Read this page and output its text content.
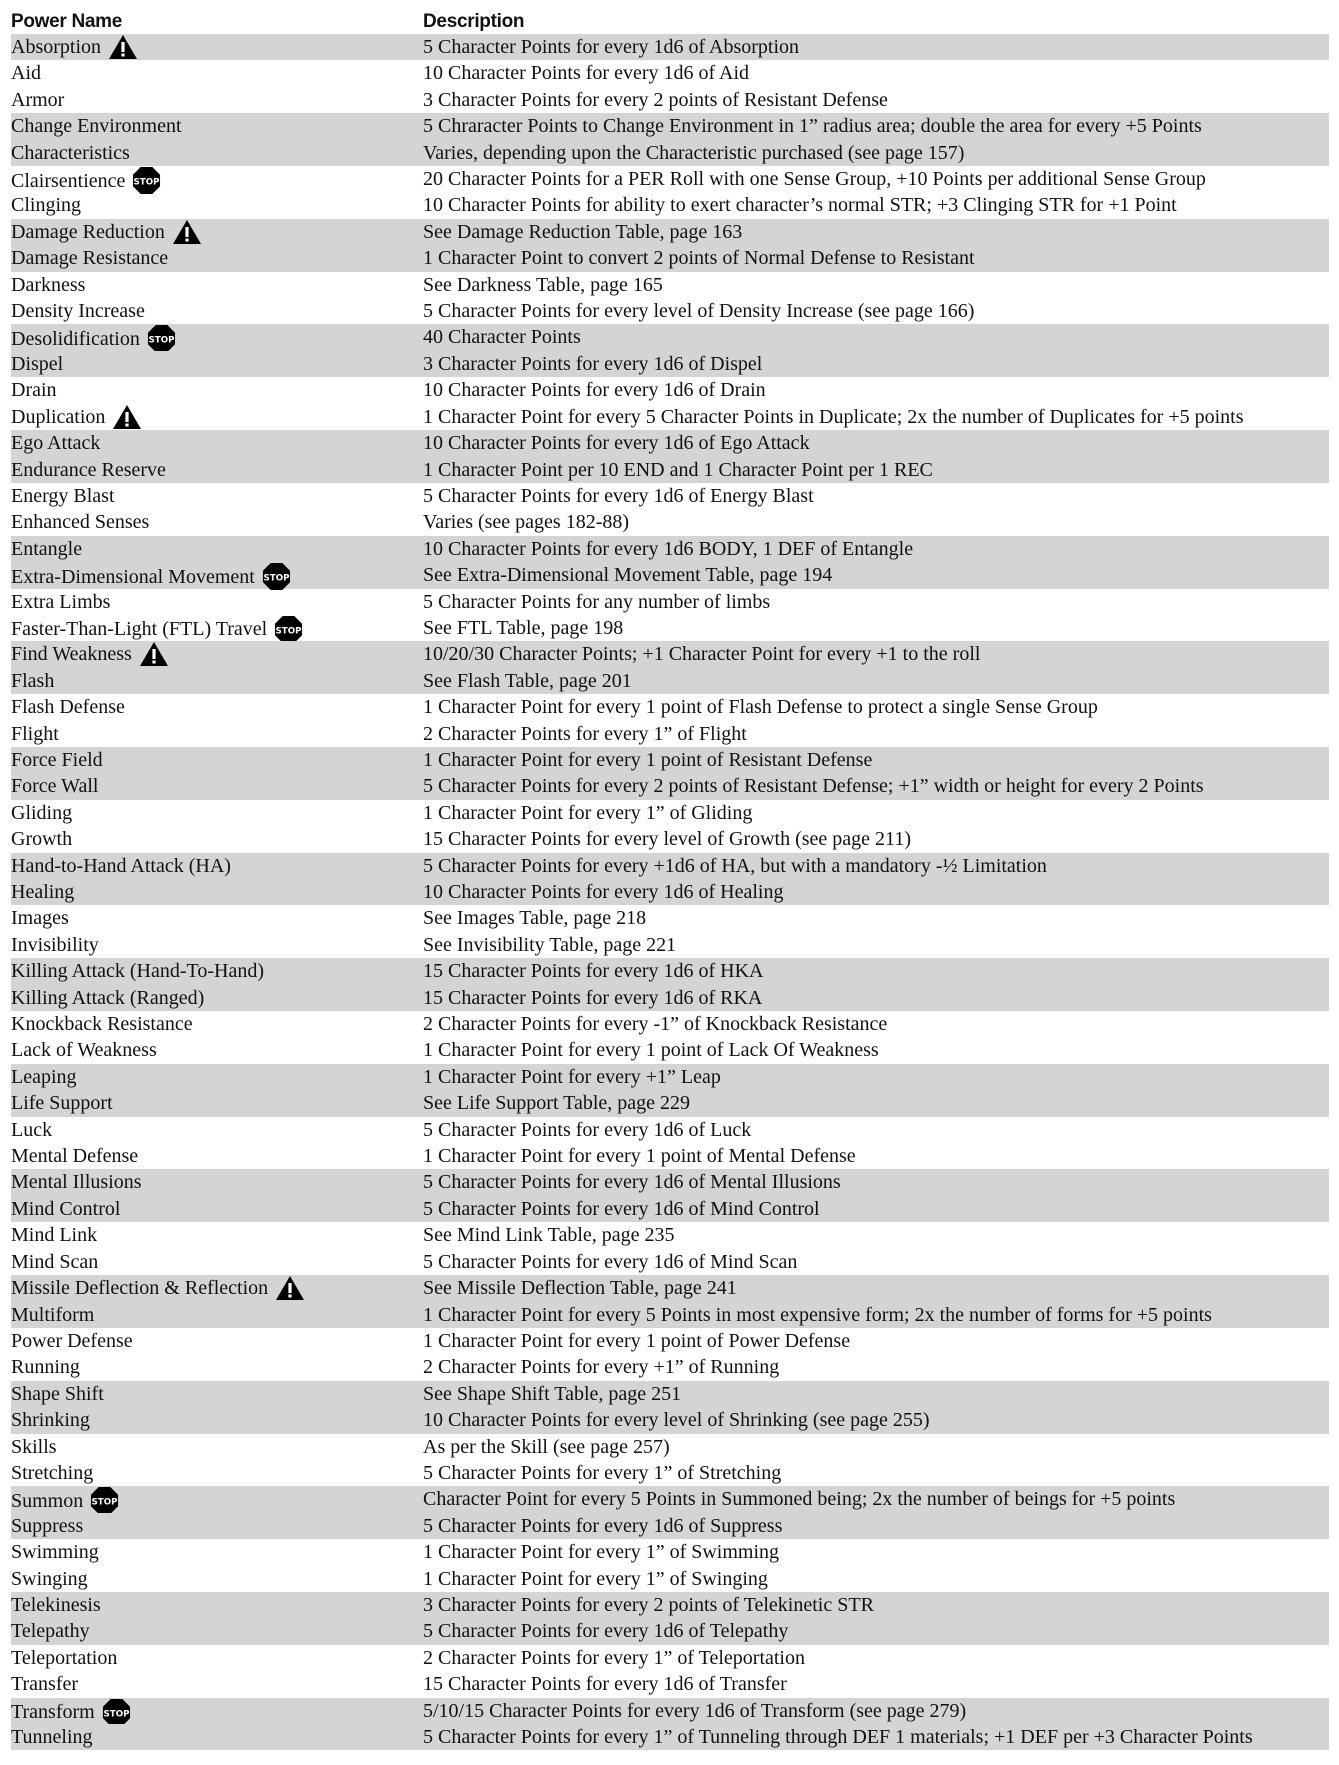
Power Name	Description
Absorption	5 Character Points for every 1d6 of Absorption
Aid	10 Character Points for every 1d6 of Aid
Armor	3 Character Points for every 2 points of Resistant Defense
Change Environment	5 Chraracter Points to Change Environment in 1” radius area; double the area for every +5 Points
Characteristics	Varies, depending upon the Characteristic purchased (see page 157)
Clairsentience STOP	20 Character Points for a PER Roll with one Sense Group, +10 Points per additional Sense Group
Clinging	10 Character Points for ability to exert character’s normal STR; +3 Clinging STR for +1 Point
Damage Reduction	See Damage Reduction Table, page 163
Damage Resistance	1 Character Point to convert 2 points of Normal Defense to Resistant
Darkness	See Darkness Table, page 165
Density Increase	5 Character Points for every level of Density Increase (see page 166)
Desolidification STOP	40 Character Points
Dispel	3 Character Points for every 1d6 of Dispel
Drain	10 Character Points for every 1d6 of Drain
Duplication	1 Character Point for every 5 Character Points in Duplicate; 2x the number of Duplicates for +5 points
Ego Attack	10 Character Points for every 1d6 of Ego Attack
Endurance Reserve	1 Character Point per 10 END and 1 Character Point per 1 REC
Energy Blast	5 Character Points for every 1d6 of Energy Blast
Enhanced Senses	Varies (see pages 182-88)
Entangle	10 Character Points for every 1d6 BODY, 1 DEF of Entangle
Extra-Dimensional Movement STOP	See Extra-Dimensional Movement Table, page 194
Extra Limbs	5 Character Points for any number of limbs
Faster-Than-Light (FTL) Travel STOP	See FTL Table, page 198
Find Weakness	10/20/30 Character Points; +1 Character Point for every +1 to the roll
Flash	See Flash Table, page 201
Flash Defense	1 Character Point for every 1 point of Flash Defense to protect a single Sense Group
Flight	2 Character Points for every 1” of Flight
Force Field	1 Character Point for every 1 point of Resistant Defense
Force Wall	5 Character Points for every 2 points of Resistant Defense; +1” width or height for every 2 Points
Gliding	1 Character Point for every 1” of Gliding
Growth	15 Character Points for every level of Growth (see page 211)
Hand-to-Hand Attack (HA)	5 Character Points for every +1d6 of HA, but with a mandatory -½ Limitation
Healing	10 Character Points for every 1d6 of Healing
Images	See Images Table, page 218
Invisibility	See Invisibility Table, page 221
Killing Attack (Hand-To-Hand)	15 Character Points for every 1d6 of HKA
Killing Attack (Ranged)	15 Character Points for every 1d6 of RKA
Knockback Resistance	2 Character Points for every -1” of Knockback Resistance
Lack of Weakness	1 Character Point for every 1 point of Lack Of Weakness
Leaping	1 Character Point for every +1” Leap
Life Support	See Life Support Table, page 229
Luck	5 Character Points for every 1d6 of Luck
Mental Defense	1 Character Point for every 1 point of Mental Defense
Mental Illusions	5 Character Points for every 1d6 of Mental Illusions
Mind Control	5 Character Points for every 1d6 of Mind Control
Mind Link	See Mind Link Table, page 235
Mind Scan	5 Character Points for every 1d6 of Mind Scan
Missile Deflection & Reflection	See Missile Deflection Table, page 241
Multiform	1 Character Point for every 5 Points in most expensive form; 2x the number of forms for +5 points
Power Defense	1 Character Point for every 1 point of Power Defense
Running	2 Character Points for every +1” of Running
Shape Shift	See Shape Shift Table, page 251
Shrinking	10 Character Points for every level of Shrinking (see page 255)
Skills	As per the Skill (see page 257)
Stretching	5 Character Points for every 1” of Stretching
Summon STOP	Character Point for every 5 Points in Summoned being; 2x the number of beings for +5 points
Suppress	5 Character Points for every 1d6 of Suppress
Swimming	1 Character Point for every 1” of Swimming
Swinging	1 Character Point for every 1” of Swinging
Telekinesis	3 Character Points for every 2 points of Telekinetic STR
Telepathy	5 Character Points for every 1d6 of Telepathy
Teleportation	2 Character Points for every 1” of Teleportation
Transfer	15 Character Points for every 1d6 of Transfer
Transform STOP	5/10/15 Character Points for every 1d6 of Transform (see page 279)
Tunneling	5 Character Points for every 1” of Tunneling through DEF 1 materials; +1 DEF per +3 Character Points
